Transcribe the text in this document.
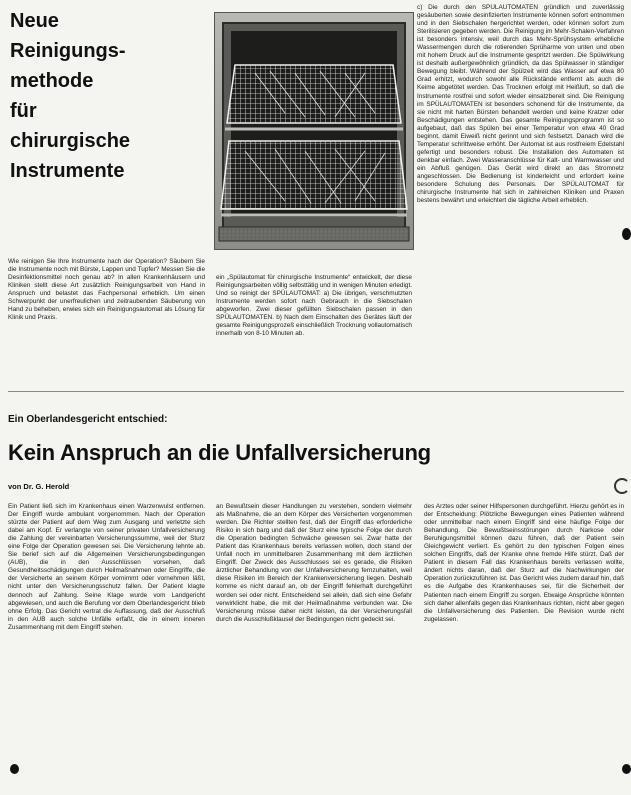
Neue
Reinigungs-
methode
für
chirurgische
Instrumente

Wie reinigen Sie Ihre Instrumente nach der Operation? Säubern Sie die Instrumente noch mit Bürste, Lappen und Tupfer? Messen Sie die Desinfektionsmittel noch genau ab? In allen Krankenhäusern und Kliniken stellt diese Art zusätzlich Reinigungsarbeit von Hand in Anspruch und belastet das Fachpersonal erheblich. Um einen Schwerpunkt der unerfreulichen und zeitraubenden Säuberung von Hand zu beheben, erwies sich ein Reinigungsautomat als Lösung für Klinik und Praxis.

ein „Spülautomat für chirurgische Instrumente“ entwickelt, der diese Reinigungsarbeiten völlig selbsttätig und in wenigen Minuten erledigt. Und so reinigt der SPÜLAUTOMAT: a) Die übrigen, verschmutzten Instrumente werden sofort nach Gebrauch in die Siebschalen abgeworfen. Zwei dieser gefüllten Siebschalen passen in den SPÜLAUTOMATEN. b) Nach dem Einschalten des Gerätes läuft der gesamte Reinigungsprozeß einschließlich Trocknung vollautomatisch innerhalb von 8-10 Minuten ab.

c) Die durch den SPÜLAUTOMATEN gründlich und zuverlässig gesäuberten sowie desinfizierten Instrumente können sofort entnommen und in den Siebschalen hergerichtet werden, oder können sofort zum Sterilisieren gegeben werden. Die Reinigung im Mehr-Schalen-Verfahren ist besonders intensiv, weil durch das Mehr-Sprühsystem erhebliche Wassermengen durch die rotierenden Sprüharme von unten und oben mit hohem Druck auf die Instrumente gespritzt werden. Die Spülwirkung ist deshalb außergewöhnlich gründlich, da das Spülwasser in ständiger Bewegung bleibt. Während der Spülzeit wird das Wasser auf etwa 80 Grad erhitzt, wodurch sowohl alle Rückstände entfernt als auch die Keime abgetötet werden. Das Trocknen erfolgt mit Heißluft, so daß die Instrumente rostfrei und sofort wieder einsatzbereit sind. Die Reinigung im SPÜLAUTOMATEN ist besonders schonend für die Instrumente, da sie nicht mit harten Bürsten behandelt werden und keine Kratzer oder Beschädigungen entstehen. Das gesamte Reinigungsprogramm ist so aufgebaut, daß das Spülen bei einer Temperatur von etwa 40 Grad beginnt, damit Eiweiß nicht gerinnt und sich festsetzt. Danach wird die Temperatur schrittweise erhöht. Der Automat ist aus rostfreiem Edelstahl gefertigt und besonders robust. Die Installation des Automaten ist denkbar einfach. Zwei Wasseranschlüsse für Kalt- und Warmwasser und ein Abfluß genügen. Das Gerät wird direkt an das Stromnetz angeschlossen. Die Bedienung ist kinderleicht und erfordert keine besondere Schulung des Personals. Der SPÜLAUTOMAT für chirurgische Instrumente hat sich in zahlreichen Kliniken und Praxen bestens bewährt und erleichtert die tägliche Arbeit erheblich.

Ein Oberlandesgericht entschied:
Kein Anspruch an die Unfallversicherung
von Dr. G. Herold

Ein Patient ließ sich im Krankenhaus einen Warzenwulst entfernen. Der Eingriff wurde ambulant vorgenommen. Nach der Operation stürzte der Patient auf dem Weg zum Ausgang und verletzte sich dabei am Kopf. Er verlangte von seiner privaten Unfallversicherung die Zahlung der vereinbarten Versicherungssumme, weil der Sturz eine Folge der Operation gewesen sei. Die Versicherung lehnte ab. Sie berief sich auf die Allgemeinen Versicherungsbedingungen (AUB), die in den Ausschlüssen vorsehen, daß Gesundheitsschädigungen durch Heilmaßnahmen oder Eingriffe, die der Versicherte an seinem Körper vornimmt oder vornehmen läßt, nicht unter den Versicherungsschutz fallen. Der Patient klagte dennoch auf Zahlung. Seine Klage wurde vom Landgericht abgewiesen, und auch die Berufung vor dem Oberlandesgericht blieb ohne Erfolg. Das Gericht vertrat die Auffassung, daß der Ausschluß in den AUB auch solche Unfälle erfaßt, die in einem inneren Zusammenhang mit dem Eingriff stehen.

an Bewußtsein dieser Handlungen zu verstehen, sondern vielmehr als Maßnahme, die an dem Körper des Versicherten vorgenommen werden. Die Richter stellten fest, daß der Eingriff das erforderliche Risiko in sich barg und daß der Sturz eine typische Folge der durch die Operation bedingten Schwäche gewesen sei. Zwar hatte der Patient das Krankenhaus bereits verlassen wollen, doch stand der Unfall noch im unmittelbaren Zusammenhang mit dem ärztlichen Eingriff. Der Zweck des Ausschlusses sei es gerade, die Risiken ärztlicher Behandlung von der Unfallversicherung fernzuhalten, weil diese Risiken im Bereich der Krankenversicherung liegen. Deshalb komme es nicht darauf an, ob der Eingriff fehlerhaft durchgeführt worden sei oder nicht. Entscheidend sei allein, daß sich eine Gefahr verwirklicht habe, die mit der Heilmaßnahme verbunden war. Die Versicherung müsse daher nicht leisten, da der Versicherungsfall durch die Ausschlußklausel der Bedingungen nicht gedeckt sei.

des Arztes oder seiner Hilfspersonen durchgeführt. Hierzu gehört es in der Entscheidung: Plötzliche Bewegungen eines Patienten während oder unmittelbar nach einem Eingriff sind eine häufige Folge der Behandlung. Die Bewußtseinsstörungen durch Narkose oder Beruhigungsmittel können dazu führen, daß der Patient sein Gleichgewicht verliert. Es gehört zu den typischen Folgen eines solchen Eingriffs, daß der Kranke ohne fremde Hilfe stürzt. Daß der Patient in diesem Fall das Krankenhaus bereits verlassen wollte, ändert nichts daran, daß der Sturz auf die Nachwirkungen der Operation zurückzuführen ist. Das Gericht wies zudem darauf hin, daß es die Aufgabe des Krankenhauses sei, für die Sicherheit der Patienten nach einem Eingriff zu sorgen. Etwaige Ansprüche könnten sich daher allenfalls gegen das Krankenhaus richten, nicht aber gegen die Unfallversicherung des Patienten. Die Revision wurde nicht zugelassen.
